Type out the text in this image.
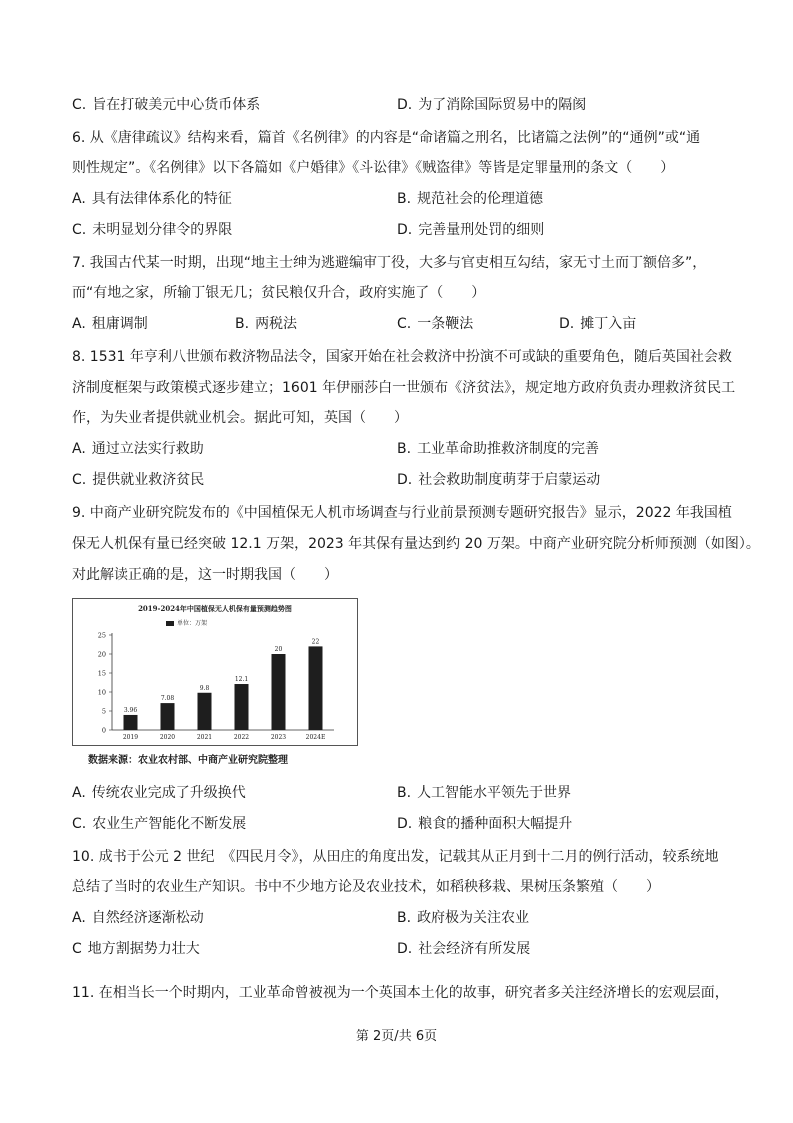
C. 旨在打破美元中心货币体系	D. 为了消除国际贸易中的隔阂
6. 从《唐律疏议》结构来看，篇首《名例律》的内容是“命诸篇之刑名，比诸篇之法例”的“通例”或“通
则性规定”。《名例律》以下各篇如《户婚律》《斗讼律》《贼盗律》等皆是定罪量刑的条文（　　）
A. 具有法律体系化的特征	B. 规范社会的伦理道德
C. 未明显划分律令的界限	D. 完善量刑处罚的细则
7. 我国古代某一时期，出现“地主士绅为逃避编审丁役，大多与官吏相互勾结，家无寸土而丁额倍多”，
而“有地之家，所输丁银无几；贫民粮仅升合，政府实施了（　　）
A. 租庸调制	B. 两税法	C. 一条鞭法	D. 摊丁入亩
8. 1531 年亨利八世颁布救济物品法令，国家开始在社会救济中扮演不可或缺的重要角色，随后英国社会救
济制度框架与政策模式逐步建立；1601 年伊丽莎白一世颁布《济贫法》，规定地方政府负责办理救济贫民工
作，为失业者提供就业机会。据此可知，英国（　　）
A. 通过立法实行救助	B. 工业革命助推救济制度的完善
C. 提供就业救济贫民	D. 社会救助制度萌芽于启蒙运动
9. 中商产业研究院发布的《中国植保无人机市场调查与行业前景预测专题研究报告》显示，2022 年我国植
保无人机保有量已经突破 12.1 万架，2023 年其保有量达到约 20 万架。中商产业研究院分析师预测（如图）。
对此解读正确的是，这一时期我国（　　）
2019-2024年中国植保无人机保有量预测趋势图
单位：万架
0
5
10
15
20
25
3.96
2019
7.08
2020
9.8
2021
12.1
2022
20
2023
22
2024E
数据来源：农业农村部、中商产业研究院整理
A. 传统农业完成了升级换代	B. 人工智能水平领先于世界
C. 农业生产智能化不断发展	D. 粮食的播种面积大幅提升
10. 成书于公元 2 世纪　《四民月令》，从田庄的角度出发，记载其从正月到十二月的例行活动，较系统地
总结了当时的农业生产知识。书中不少地方论及农业技术，如稻秧移栽、果树压条繁殖（　　）
A. 自然经济逐渐松动	B. 政府极为关注农业
C 地方割据势力壮大	D. 社会经济有所发展
11. 在相当长一个时期内，工业革命曾被视为一个英国本土化的故事，研究者多关注经济增长的宏观层面，
第 2页/共 6页
